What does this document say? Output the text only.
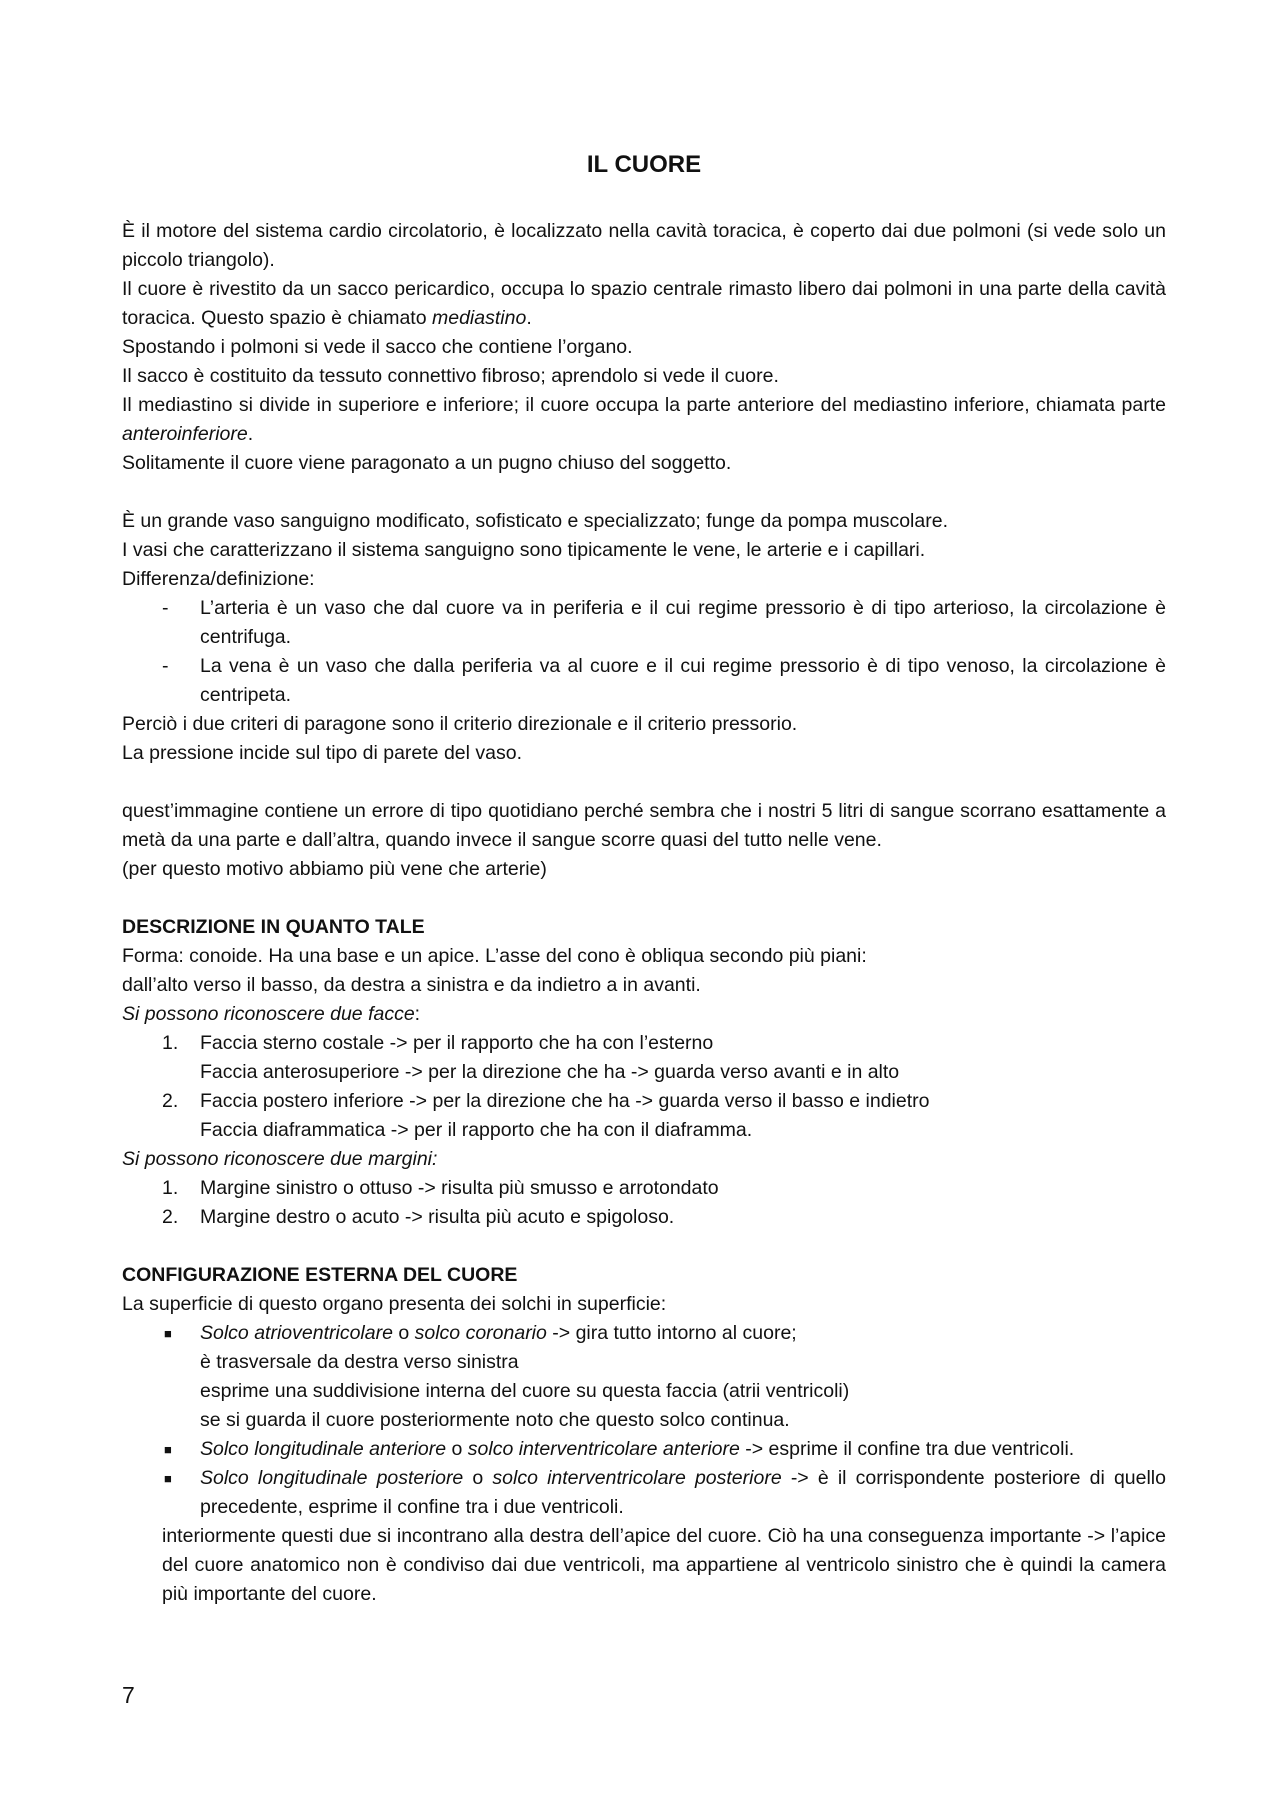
IL CUORE

È il motore del sistema cardio circolatorio, è localizzato nella cavità toracica, è coperto dai due polmoni (si vede solo un piccolo triangolo).

Il cuore è rivestito da un sacco pericardico, occupa lo spazio centrale rimasto libero dai polmoni in una parte della cavità toracica. Questo spazio è chiamato mediastino.

Spostando i polmoni si vede il sacco che contiene l’organo.

Il sacco è costituito da tessuto connettivo fibroso; aprendolo si vede il cuore.

Il mediastino si divide in superiore e inferiore; il cuore occupa la parte anteriore del mediastino inferiore, chiamata parte anteroinferiore.

Solitamente il cuore viene paragonato a un pugno chiuso del soggetto.

È un grande vaso sanguigno modificato, sofisticato e specializzato; funge da pompa muscolare.

I vasi che caratterizzano il sistema sanguigno sono tipicamente le vene, le arterie e i capillari.

Differenza/definizione:

-	L’arteria è un vaso che dal cuore va in periferia e il cui regime pressorio è di tipo arterioso, la circolazione è centrifuga.
-	La vena è un vaso che dalla periferia va al cuore e il cui regime pressorio è di tipo venoso, la circolazione è centripeta.

Perciò i due criteri di paragone sono il criterio direzionale e il criterio pressorio.

La pressione incide sul tipo di parete del vaso.

quest’immagine contiene un errore di tipo quotidiano perché sembra che i nostri 5 litri di sangue scorrano esattamente a metà da una parte e dall’altra, quando invece il sangue scorre quasi del tutto nelle vene.

(per questo motivo abbiamo più vene che arterie)

DESCRIZIONE IN QUANTO TALE

Forma: conoide. Ha una base e un apice. L’asse del cono è obliqua secondo più piani:

dall’alto verso il basso, da destra a sinistra e da indietro a in avanti.

Si possono riconoscere due facce:

1.	Faccia sterno costale -> per il rapporto che ha con l’esterno
Faccia anterosuperiore -> per la direzione che ha -> guarda verso avanti e in alto
2.	Faccia postero inferiore -> per la direzione che ha -> guarda verso il basso e indietro
Faccia diaframmatica -> per il rapporto che ha con il diaframma.

Si possono riconoscere due margini:

1.	Margine sinistro o ottuso -> risulta più smusso e arrotondato
2.	Margine destro o acuto -> risulta più acuto e spigoloso.

CONFIGURAZIONE ESTERNA DEL CUORE

La superficie di questo organo presenta dei solchi in superficie:

■	Solco atrioventricolare o solco coronario -> gira tutto intorno al cuore;
è trasversale da destra verso sinistra
esprime una suddivisione interna del cuore su questa faccia (atrii ventricoli)
se si guarda il cuore posteriormente noto che questo solco continua.
■	Solco longitudinale anteriore o solco interventricolare anteriore -> esprime il confine tra due ventricoli.
■	Solco longitudinale posteriore o solco interventricolare posteriore -> è il corrispondente posteriore di quello precedente, esprime il confine tra i due ventricoli.

interiormente questi due si incontrano alla destra dell’apice del cuore. Ciò ha una conseguenza importante -> l’apice del cuore anatomico non è condiviso dai due ventricoli, ma appartiene al ventricolo sinistro che è quindi la camera più importante del cuore.

7
